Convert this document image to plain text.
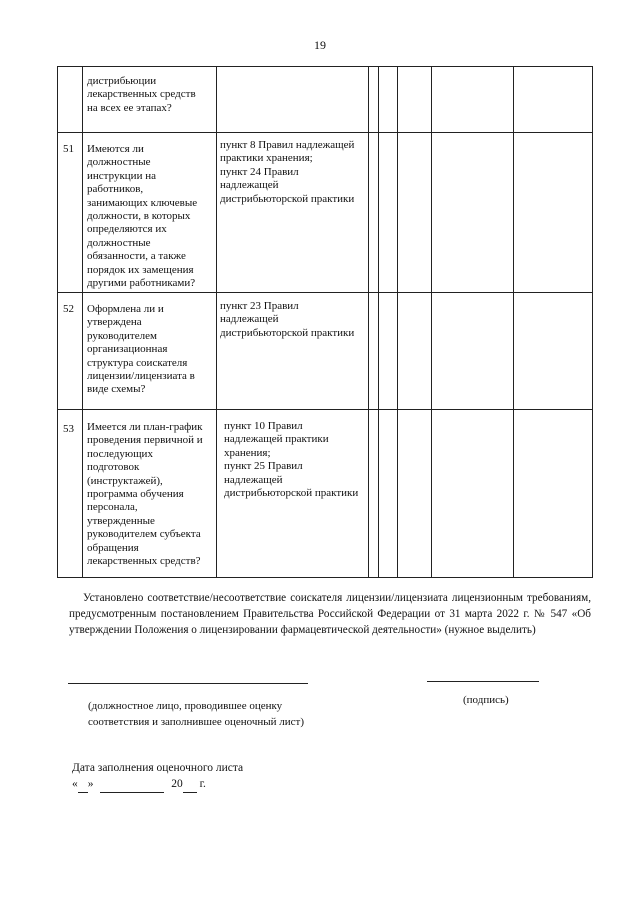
19
дистрибьюции
лекарственных средств
на всех ее этапах?
51 Имеются ли
должностные
инструкции на
работников,
занимающих ключевые
должности, в которых
определяются их
должностные
обязанности, а также
порядок их замещения
другими работниками?
пункт 8 Правил надлежащей
практики хранения;
пункт 24 Правил
надлежащей
дистрибьюторской практики
52 Оформлена ли и
утверждена
руководителем
организационная
структура соискателя
лицензии/лицензиата в
виде схемы?
пункт 23 Правил
надлежащей
дистрибьюторской практики
53 Имеется ли план-график
проведения первичной и
последующих
подготовок
(инструктажей),
программа обучения
персонала,
утвержденные
руководителем субъекта
обращения
лекарственных средств?
пункт 10 Правил
надлежащей практики
хранения;
пункт 25 Правил
надлежащей
дистрибьюторской практики

Установлено соответствие/несоответствие соискателя лицензии/лицензиата лицензионным требованиям, предусмотренным постановлением Правительства Российской Федерации от 31 марта 2022 г. № 547 «Об утверждении Положения о лицензировании фармацевтической деятельности» (нужное выделить)

(должностное лицо, проводившее оценку
соответствия и заполнившее оценочный лист)
(подпись)
Дата заполнения оценочного листа
« »	20 г.
